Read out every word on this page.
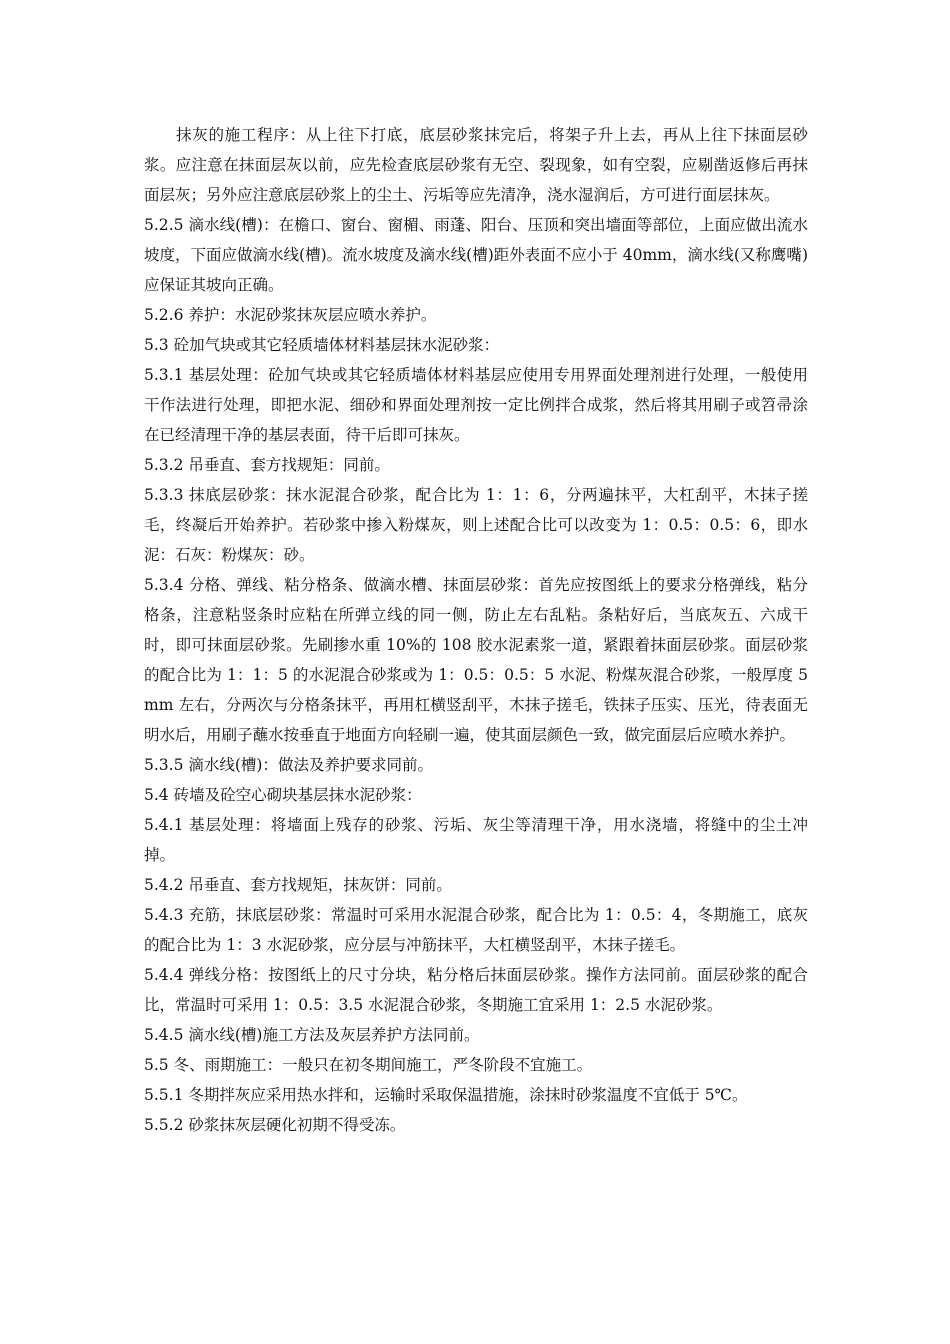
抹灰的施工程序：从上往下打底，底层砂浆抹完后，将架子升上去，再从上往下抹面层砂浆。应注意在抹面层灰以前，应先检查底层砂浆有无空、裂现象，如有空裂，应剔凿返修后再抹面层灰；另外应注意底层砂浆上的尘土、污垢等应先清净，浇水湿润后，方可进行面层抹灰。

5.2.5 滴水线(槽)：在檐口、窗台、窗楣、雨蓬、阳台、压顶和突出墙面等部位，上面应做出流水坡度，下面应做滴水线(槽)。流水坡度及滴水线(槽)距外表面不应小于 40mm，滴水线(又称鹰嘴)应保证其坡向正确。

5.2.6 养护：水泥砂浆抹灰层应喷水养护。

5.3 砼加气块或其它轻质墙体材料基层抹水泥砂浆：

5.3.1 基层处理：砼加气块或其它轻质墙体材料基层应使用专用界面处理剂进行处理，一般使用干作法进行处理，即把水泥、细砂和界面处理剂按一定比例拌合成浆，然后将其用刷子或笤帚涂在已经清理干净的基层表面，待干后即可抹灰。

5.3.2 吊垂直、套方找规矩：同前。

5.3.3 抹底层砂浆：抹水泥混合砂浆，配合比为 1：1：6，分两遍抹平，大杠刮平，木抹子搓毛，终凝后开始养护。若砂浆中掺入粉煤灰，则上述配合比可以改变为 1：0.5：0.5：6，即水泥：石灰：粉煤灰：砂。

5.3.4 分格、弹线、粘分格条、做滴水槽、抹面层砂浆：首先应按图纸上的要求分格弹线，粘分格条，注意粘竖条时应粘在所弹立线的同一侧，防止左右乱粘。条粘好后，当底灰五、六成干时，即可抹面层砂浆。先刷掺水重 10%的 108 胶水泥素浆一道，紧跟着抹面层砂浆。面层砂浆的配合比为 1：1：5 的水泥混合砂浆或为 1：0.5：0.5：5 水泥、粉煤灰混合砂浆，一般厚度 5mm 左右，分两次与分格条抹平，再用杠横竖刮平，木抹子搓毛，铁抹子压实、压光，待表面无明水后，用刷子蘸水按垂直于地面方向轻刷一遍，使其面层颜色一致，做完面层后应喷水养护。

5.3.5 滴水线(槽)：做法及养护要求同前。

5.4 砖墙及砼空心砌块基层抹水泥砂浆：

5.4.1 基层处理：将墙面上残存的砂浆、污垢、灰尘等清理干净，用水浇墙，将缝中的尘土冲掉。

5.4.2 吊垂直、套方找规矩，抹灰饼：同前。

5.4.3 充筋，抹底层砂浆：常温时可采用水泥混合砂浆，配合比为 1：0.5：4，冬期施工，底灰的配合比为 1：3 水泥砂浆，应分层与冲筋抹平，大杠横竖刮平，木抹子搓毛。

5.4.4 弹线分格：按图纸上的尺寸分块，粘分格后抹面层砂浆。操作方法同前。面层砂浆的配合比，常温时可采用 1：0.5：3.5 水泥混合砂浆，冬期施工宜采用 1：2.5 水泥砂浆。

5.4.5 滴水线(槽)施工方法及灰层养护方法同前。

5.5 冬、雨期施工：一般只在初冬期间施工，严冬阶段不宜施工。

5.5.1 冬期拌灰应采用热水拌和，运输时采取保温措施，涂抹时砂浆温度不宜低于 5℃。

5.5.2 砂浆抹灰层硬化初期不得受冻。
